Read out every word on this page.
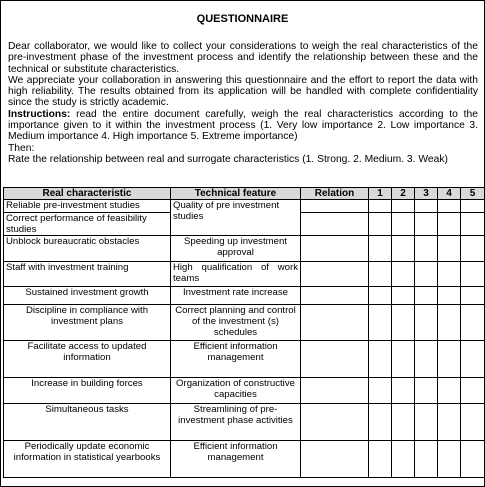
QUESTIONNAIRE

Dear collaborator, we would like to collect your considerations to weigh the real characteristics of the pre-investment phase of the investment process and identify the relationship between these and the technical or substitute characteristics.

We appreciate your collaboration in answering this questionnaire and the effort to report the data with high reliability. The results obtained from its application will be handled with complete confidentiality since the study is strictly academic.

Instructions: read the entire document carefully, weigh the real characteristics according to the importance given to it within the investment process (1. Very low importance 2. Low importance 3. Medium importance 4. High importance 5. Extreme importance)

Then:

Rate the relationship between real and surrogate characteristics (1. Strong. 2. Medium. 3. Weak)

Real characteristic	Technical feature	Relation	1	2	3	4	5
Reliable pre-investment studies	Quality of pre investment studies						
Correct performance of feasibility studies							
Unblock bureaucratic obstacles	Speeding up investment approval						
Staff with investment training	High qualification of work teams						
Sustained investment growth	Investment rate increase						
Discipline in compliance with investment plans	Correct planning and control of the investment (s) schedules						
Facilitate access to updated information	Efficient information management						
Increase in building forces	Organization of constructive capacities						
Simultaneous tasks	Streamlining of pre-investment phase activities						
Periodically update economic information in statistical yearbooks	Efficient information management						
